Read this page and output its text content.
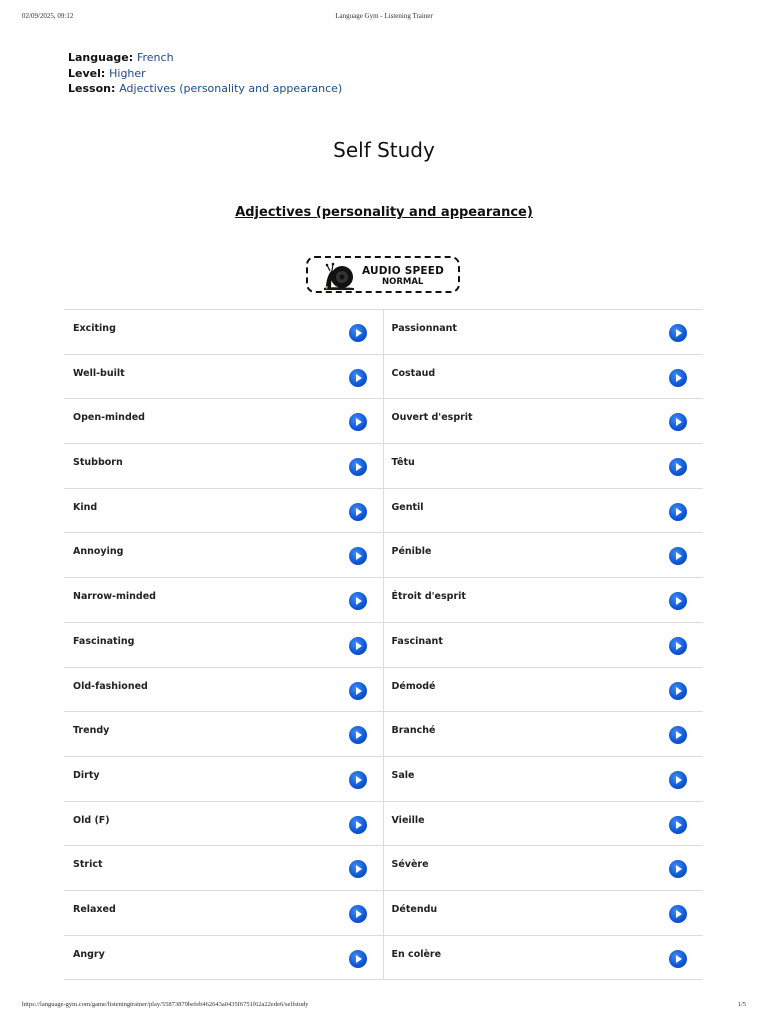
02/09/2025, 09:12	Language Gym - Listening Trainer
Language: French
Level: Higher
Lesson: Adjectives (personality and appearance)
Self Study
Adjectives (personality and appearance)
AUDIO SPEED
NORMAL
Exciting	Passionnant
Well-built	Costaud
Open-minded	Ouvert d'esprit
Stubborn	Têtu
Kind	Gentil
Annoying	Pénible
Narrow-minded	Étroit d'esprit
Fascinating	Fascinant
Old-fashioned	Démodé
Trendy	Branché
Dirty	Sale
Old (F)	Vieille
Strict	Sévère
Relaxed	Détendu
Angry	En colère
https://language-gym.com/game/listeningtrainer/play/55873879befeb462643a0435f6751f62a22ede6/selfstudy	1/5
